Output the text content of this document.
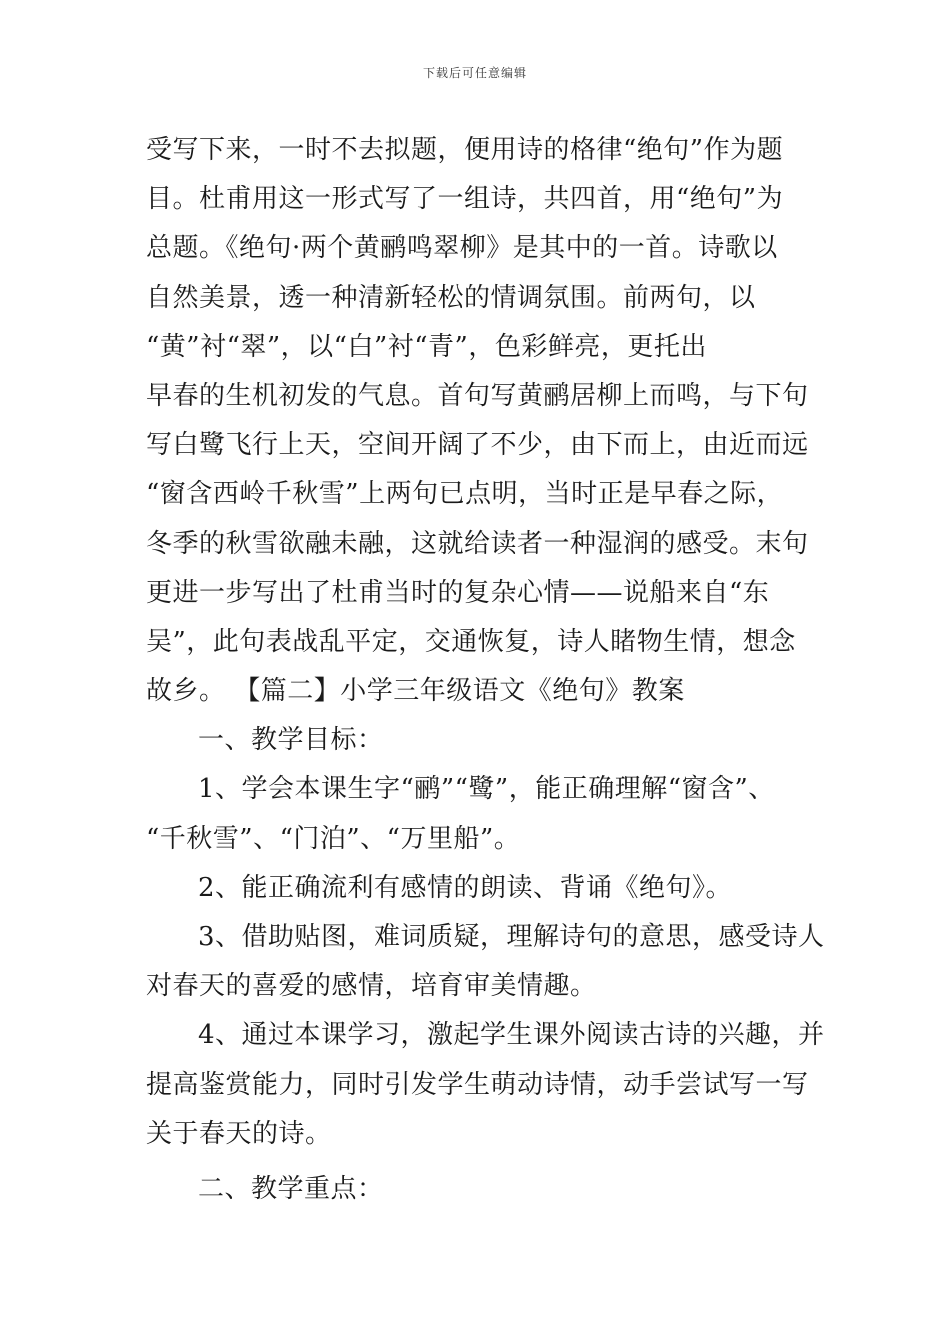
下载后可任意编辑
受写下来，一时不去拟题，便用诗的格律“绝句”作为题
目。杜甫用这一形式写了一组诗，共四首，用“绝句”为
总题。《绝句·两个黄鹂鸣翠柳》是其中的一首。诗歌以
自然美景，透一种清新轻松的情调氛围。前两句，以
“黄”衬“翠”，以“白”衬“青”，色彩鲜亮，更托出
早春的生机初发的气息。首句写黄鹂居柳上而鸣，与下句
写白鹭飞行上天，空间开阔了不少，由下而上，由近而远
“窗含西岭千秋雪”上两句已点明，当时正是早春之际，
冬季的秋雪欲融未融，这就给读者一种湿润的感受。末句
更进一步写出了杜甫当时的复杂心情——说船来自“东
吴”，此句表战乱平定，交通恢复，诗人睹物生情，想念
故乡。 【篇二】小学三年级语文《绝句》教案
一、教学目标：
1、学会本课生字“鹂”“鹭”，能正确理解“窗含”、
“千秋雪”、“门泊”、“万里船”。
2、能正确流利有感情的朗读、背诵《绝句》。
3、借助贴图，难词质疑，理解诗句的意思，感受诗人
对春天的喜爱的感情，培育审美情趣。
4、通过本课学习，激起学生课外阅读古诗的兴趣，并
提高鉴赏能力，同时引发学生萌动诗情，动手尝试写一写
关于春天的诗。
二、教学重点：
